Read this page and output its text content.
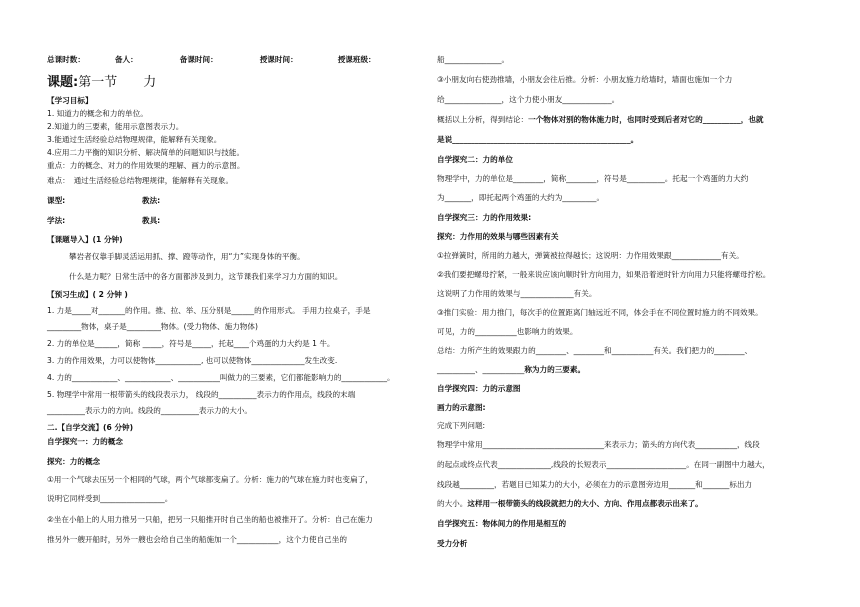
总课时数：	备人：	备课时间：	授课时间：	授课班级：
课题:第一节　　力
【学习目标】
1. 知道力的概念和力的单位。
2.知道力的三要素，能用示意图表示力。
3.能通过生活经验总结物理规律，能解释有关现象。
4.应用二力平衡的知识分析、解决简单的问题知识与技能。
重点：力的概念、对力的作用效果的理解、画力的示意图。
难点：　通过生活经验总结物理规律，能解释有关现象。
课型:	教法:
学法:	教具:
【课题导入】(1 分钟)
攀岩者仅靠手脚灵活运用抓、撑、蹬等动作，用“力”实现身体的平衡。
什么是力呢？日常生活中的各方面都涉及到力，这节课我们来学习力方面的知识。
【预习生成】( 2 分钟 )
1. 力是_____对_______的作用。推、拉、举、压分别是______的作用形式。 手用力拉桌子，手是
_________物体，桌子是_________物体。(受力物体、施力物体)
2. 力的单位是______，简称 _____，符号是_____，托起____个鸡蛋的力大约是 1 牛。
3. 力的作用效果，力可以使物体____________, 也可以使物体______________发生改变.
4. 力的____________、____________、___________叫做力的三要素，它们都能影响力的____________。
5. 物理学中常用一根带箭头的线段表示力， 线段的__________表示力的作用点，线段的末端
__________表示力的方向。线段的__________表示力的大小。
二.【自学交流】(6 分钟)
自学探究一：力的概念
探究：力的概念
①用一个气球去压另一个相同的气球，两个气球都变扁了。分析：施力的气球在施力时也变扁了，
说明它同样受到_________________。
②坐在小船上的人用力推另一只船，把另一只船推开时自己坐的船也被推开了。分析：自己在施力
推另外一艘开船时，另外一艘也会给自己坐的船施加一个___________，这个力使自己坐的
船_______________。
③小朋友向右使劲推墙，小朋友会往后推。分析：小朋友施力给墙时，墙面也施加一个力
给_______________，这个力使小朋友_____________。
概括以上分析，得到结论：一个物体对别的物体施力时，也同时受到后者对它的__________，也就
是说_______________________________________________。
自学探究二：力的单位
物理学中，力的单位是________，简称________，符号是__________。托起一个鸡蛋的力大约
为_______，即托起两个鸡蛋的大约为_________。
自学探究三：力的作用效果:
探究：力作用的效果与哪些因素有关
①拉弹簧时，所用的力越大，弹簧被拉得越长；这说明：力作用效果跟_____________有关。
②我们要把螺母拧紧，一般来说应该向顺时针方向用力，如果沿着逆时针方向用力只能将螺母拧松。
这说明了力作用的效果与______________有关。
③推门实验：用力推门，每次手的位置距离门轴远近不同，体会手在不同位置时施力的不同效果。
可见，力的___________也影响力的效果。
总结：力所产生的效果跟力的________、________和___________有关。我们把力的________、
__________、___________称为力的三要素。
自学探究四：力的示意图
画力的示意图:
完成下列问题:
物理学中常用________________________________来表示力；箭头的方向代表___________，线段
的起点或终点代表______________,线段的长短表示_____________________。在同一副图中力越大，
线段越_________，若题目已知某力的大小，必须在力的示意图旁边用_______和_______标出力
的大小。这样用一根带箭头的线段就把力的大小、方向、作用点都表示出来了。
自学探究五：物体间力的作用是相互的
受力分析
